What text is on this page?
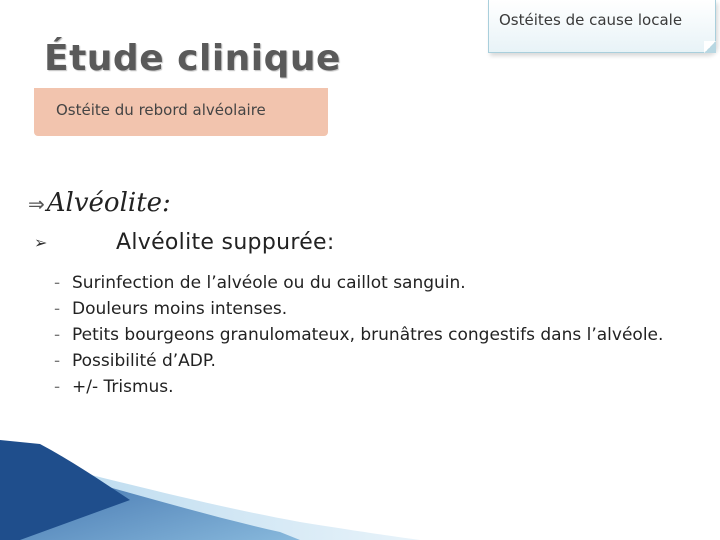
Étude clinique
Ostéites de cause locale
Ostéite du rebord alvéolaire
⇒ Alvéolite:
➢	Alvéolite suppurée:
- Surinfection de l’alvéole ou du caillot sanguin.
- Douleurs moins intenses.
- Petits bourgeons granulomateux, brunâtres congestifs dans l’alvéole.
- Possibilité d’ADP.
- +/- Trismus.
